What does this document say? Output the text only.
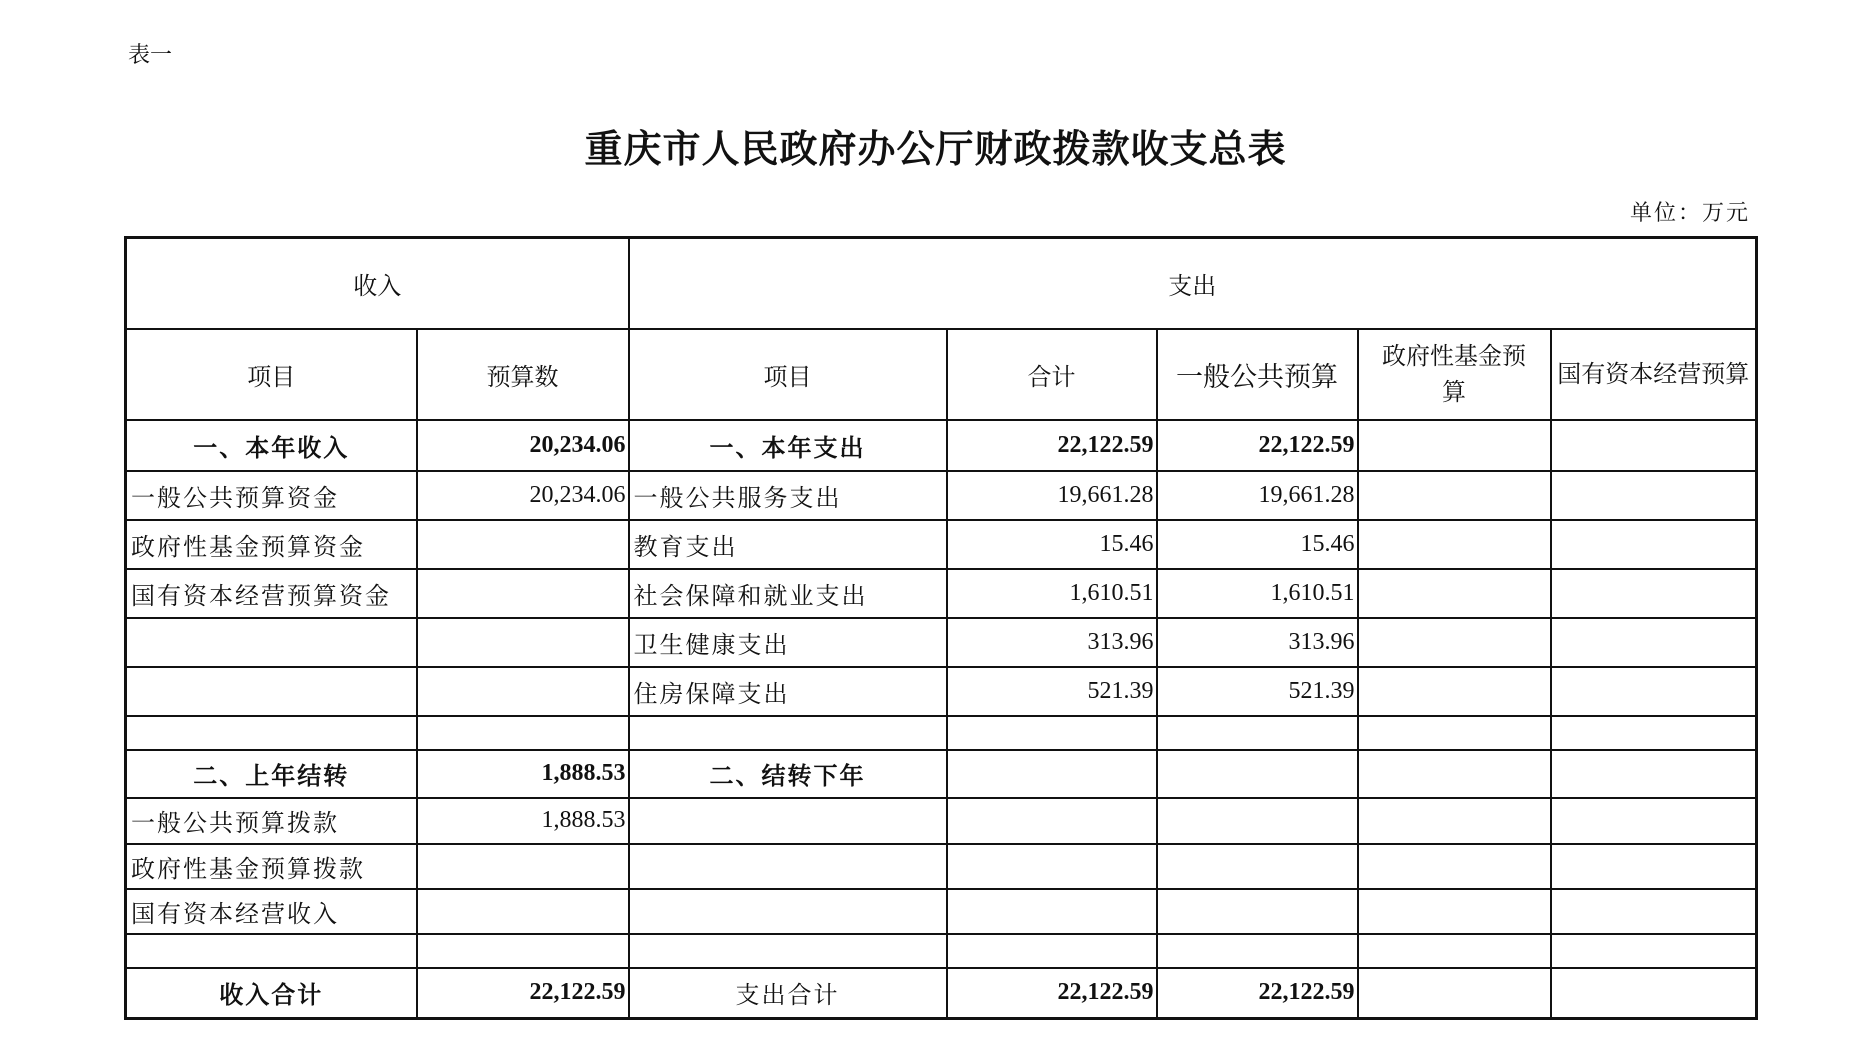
表一
重庆市人民政府办公厅财政拨款收支总表
单位：万元
收入		支出				
项目	预算数	项目	合计	一般公共预算	政府性基金预算	国有资本经营预算
一、本年收入	20,234.06	一、本年支出	22,122.59	22,122.59		
一般公共预算资金	20,234.06	一般公共服务支出	19,661.28	19,661.28		
政府性基金预算资金		教育支出	15.46	15.46		
国有资本经营预算资金		社会保障和就业支出	1,610.51	1,610.51		
		卫生健康支出	313.96	313.96		
		住房保障支出	521.39	521.39		

二、上年结转	1,888.53	二、结转下年				
一般公共预算拨款	1,888.53					
政府性基金预算拨款						
国有资本经营收入						

收入合计	22,122.59	支出合计	22,122.59	22,122.59		
